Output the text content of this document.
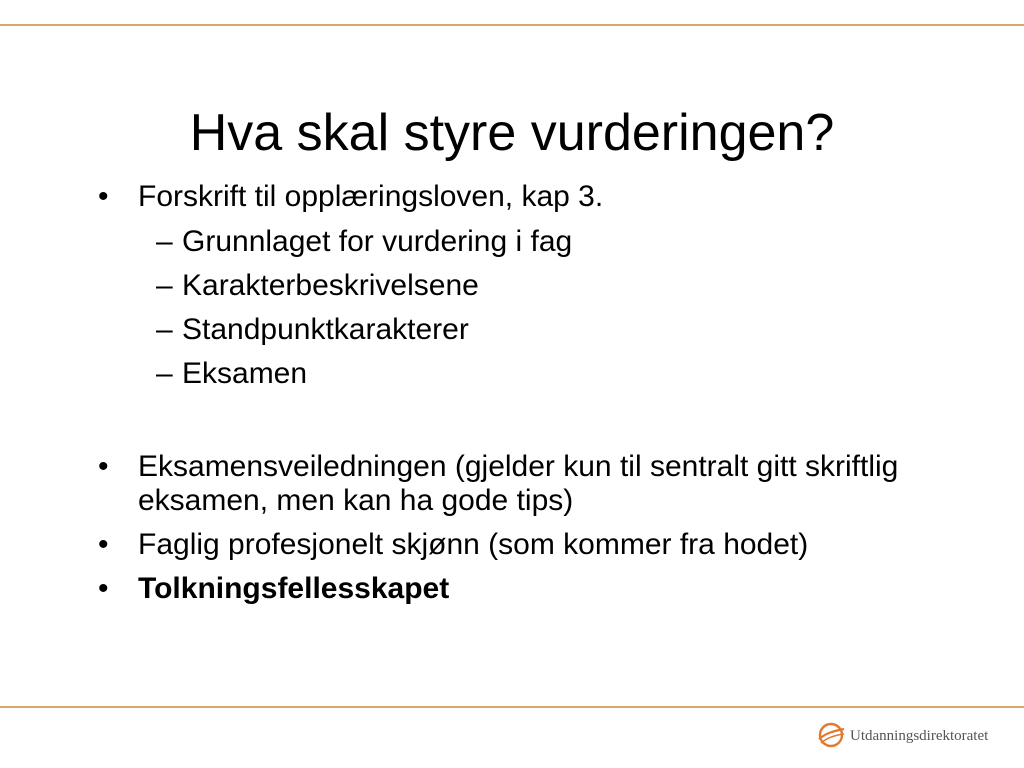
Hva skal styre vurderingen?
• Forskrift til opplæringsloven, kap 3.
– Grunnlaget for vurdering i fag
– Karakterbeskrivelsene
– Standpunktkarakterer
– Eksamen
• Eksamensveiledningen (gjelder kun til sentralt gitt skriftlig eksamen, men kan ha gode tips)
• Faglig profesjonelt skjønn (som kommer fra hodet)
• Tolkningsfellesskapet
Utdanningsdirektoratet
